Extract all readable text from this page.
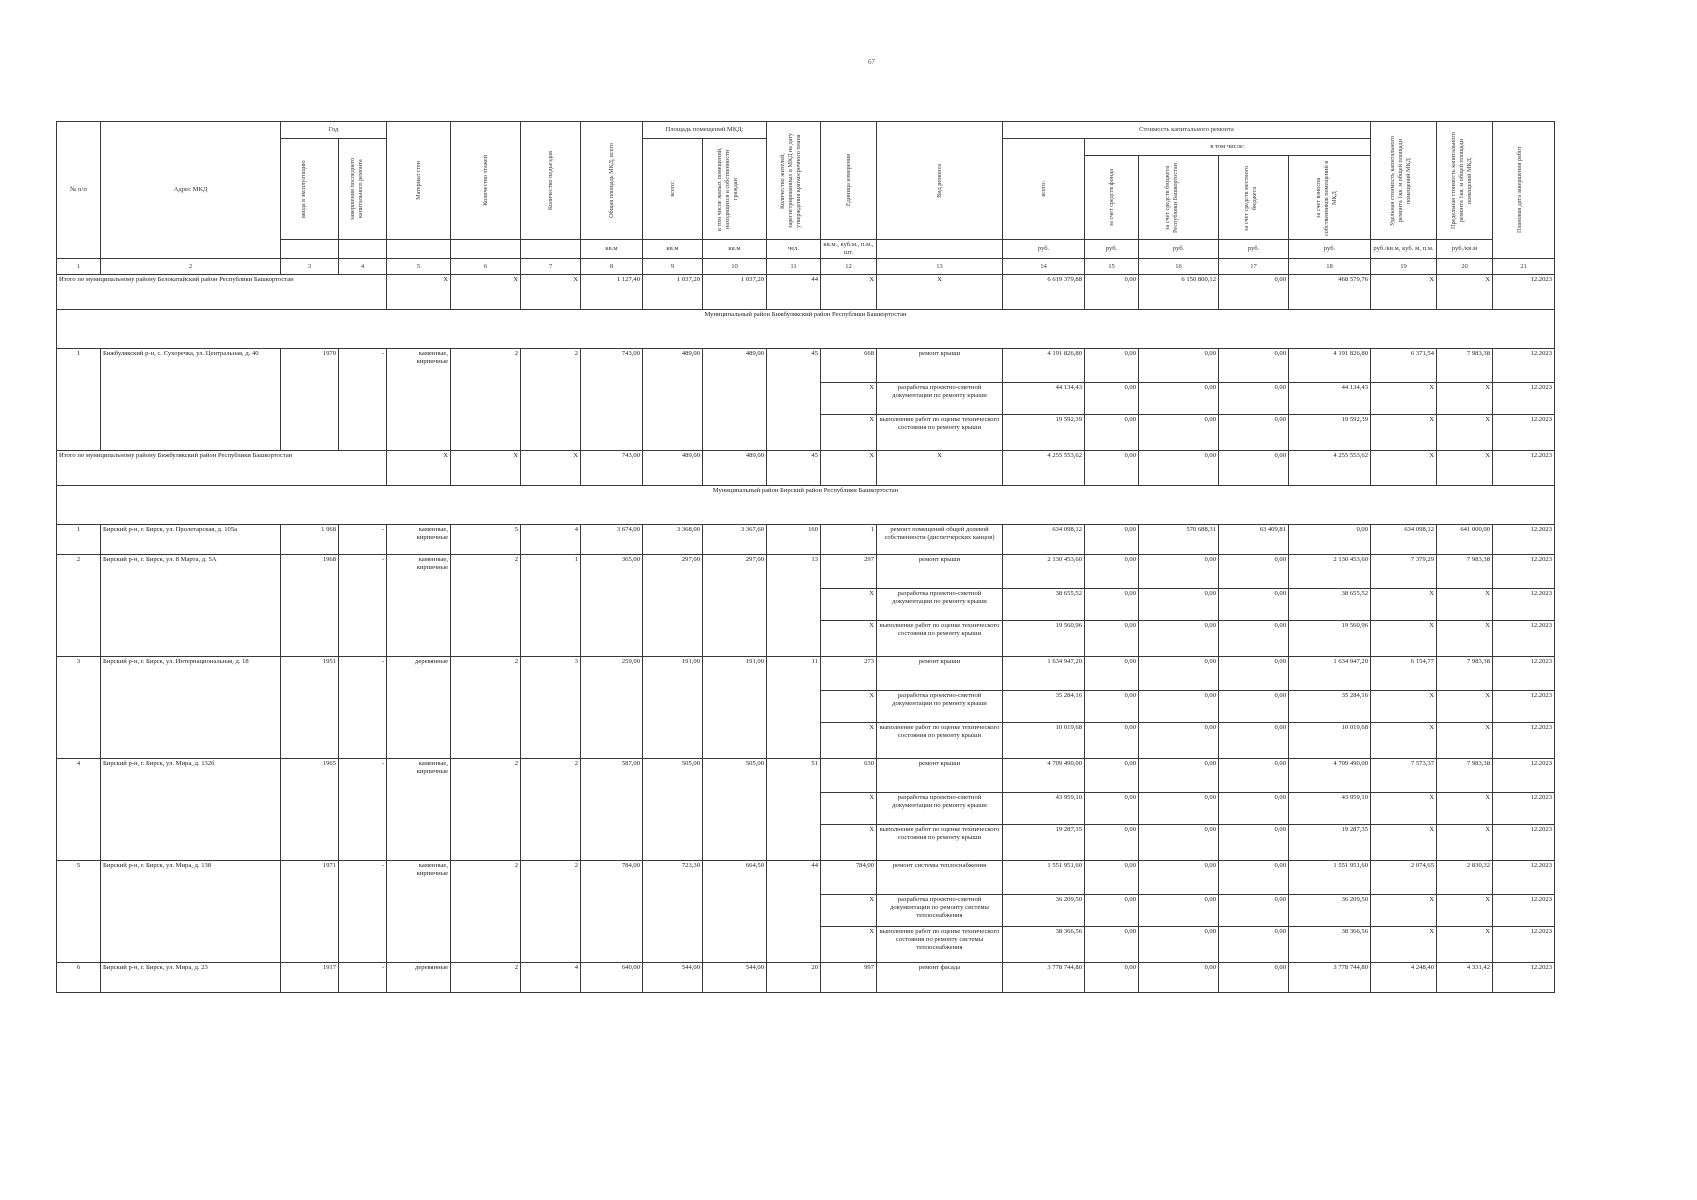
67
№ п/п	Адрес МКД	Год		Материал стен	Количество этажей	Количество подъездов	Общая площадь МКД, всего	Площадь помещений МКД:		Количество жителей, зарегистрированных в МКД на дату утверждения краткосрочного плана	Единица измерения	Вид ремонта	Стоимость капитального ремонта					Удельная стоимость капитального ремонта 1кв. м общей площади помещений МКД	Предельная стоимость капитального ремонта 1кв. м общей площади помещений МКД	Плановая дата завершения работ

		ввода в эксплуатацию	завершения последнего капитального ремонта					всего:	в том числе жилых помещений, находящихся в собственности граждан				всего:	в том числе:						

														за счет средств фонда	за счет средств бюджета Республики Башкортостан	за счет средств местного бюджета	за счет взносов собственников помещений в МКД			

							кв.м	кв.м	кв.м	чел.	кв.м., куб.м., п.м., шт.		руб.	руб.	руб.	руб.	руб.	руб./кв.м, куб. м, п.м.	руб./кв.м	
1	2	3	4	5	6	7	8	9	10	11	12	13	14	15	16	17	18	19	20	21
Итого по муниципальному району Белокатайский район Республики Башкортостан				X	X	X	1 127,40	1 037,20	1 037,20	44	X	X	6 619 379,88	0,00	6 150 800,12	0,00	468 579,76	X	X	12.2023
Муниципальный район Бижбулякский район Республики Башкортостан																				
1	Бижбулякский р-н, с. Сухоречка, ул. Центральная, д. 40	1970	-	каменные, кирпичные	2	2	743,00	489,00	489,00	45	668	ремонт крыши	4 191 826,80	0,00	0,00	0,00	4 191 826,80	6 371,54	7 983,38	12.2023
											X	разработка проектно-сметной документации по ремонту крыши	44 134,43	0,00	0,00	0,00	44 134,43	X	X	12.2023
											X	выполнение работ по оценке технического состояния по ремонту крыши	19 592,39	0,00	0,00	0,00	19 592,39	X	X	12.2023
Итого по муниципальному району Бижбулякский район Республики Башкортостан				X	X	X	743,00	489,00	489,00	45	X	X	4 255 553,62	0,00	0,00	0,00	4 255 553,62	X	X	12.2023
Муниципальный район Бирский район Республики Башкортостан																				
1	Бирский р-н, г. Бирск, ул. Пролетарская, д. 105а	1 968	-	каменные, кирпичные	5	4	3 674,00	3 368,00	3 367,60	160	1	ремонт помещений общей долевой собственности (диспетчерских канцов)	634 098,12	0,00	570 688,31	63 409,81	0,00	634 098,12	641 000,00	12.2023
2	Бирский р-н, г. Бирск, ул. 8 Марта, д. 5А	1968	-	каменные, кирпичные	2	1	365,00	297,00	297,00	13	297	ремонт крыши	2 130 453,60	0,00	0,00	0,00	2 130 453,60	7 379,29	7 983,38	12.2023
											X	разработка проектно-сметной документации по ремонту крыши	38 655,52	0,00	0,00	0,00	38 655,52	X	X	12.2023
											X	выполнение работ по оценке технического состояния по ремонту крыши	19 560,96	0,00	0,00	0,00	19 560,96	X	X	12.2023
3	Бирский р-н, г. Бирск, ул. Интернациональная, д. 18	1951	-	деревянные	2	3	259,00	191,00	191,00	11	273	ремонт крыши	1 634 947,20	0,00	0,00	0,00	1 634 947,20	6 154,77	7 983,38	12.2023
											X	разработка проектно-сметной документации по ремонту крыши	35 284,16	0,00	0,00	0,00	35 284,16	X	X	12.2023
											X	выполнение работ по оценке технического состояния по ремонту крыши	10 019,68	0,00	0,00	0,00	10 019,68	X	X	12.2023
4	Бирский р-н, г. Бирск, ул. Мира, д. 132б	1965	-	каменные, кирпичные	2	2	587,00	505,00	505,00	51	630	ремонт крыши	4 709 490,00	0,00	0,00	0,00	4 709 490,00	7 573,37	7 983,38	12.2023
											X	разработка проектно-сметной документации по ремонту крыши	43 959,10	0,00	0,00	0,00	43 959,10	X	X	12.2023
											X	выполнение работ по оценке технического состояния по ремонту крыши	19 287,35	0,00	0,00	0,00	19 287,35	X	X	12.2023
5	Бирский р-н, г. Бирск, ул. Мира, д. 138	1971	-	каменные, кирпичные	2	2	784,00	723,30	664,50	44	784,00	ремонт системы теплоснабжения	1 551 951,60	0,00	0,00	0,00	1 551 951,60	2 074,65	2 830,32	12.2023
											X	разработка проектно-сметной документации по ремонту системы теплоснабжения	36 209,50	0,00	0,00	0,00	36 209,50	X	X	12.2023
											X	выполнение работ по оценке технического состояния по ремонту системы теплоснабжения	38 366,56	0,00	0,00	0,00	38 366,56	X	X	12.2023
6	Бирский р-н, г. Бирск, ул. Мира, д. 23	1917	-	деревянные	2	4	640,00	544,00	544,00	20	997	ремонт фасада	3 778 744,80	0,00	0,00	0,00	3 778 744,80	4 248,40	4 331,42	12.2023
